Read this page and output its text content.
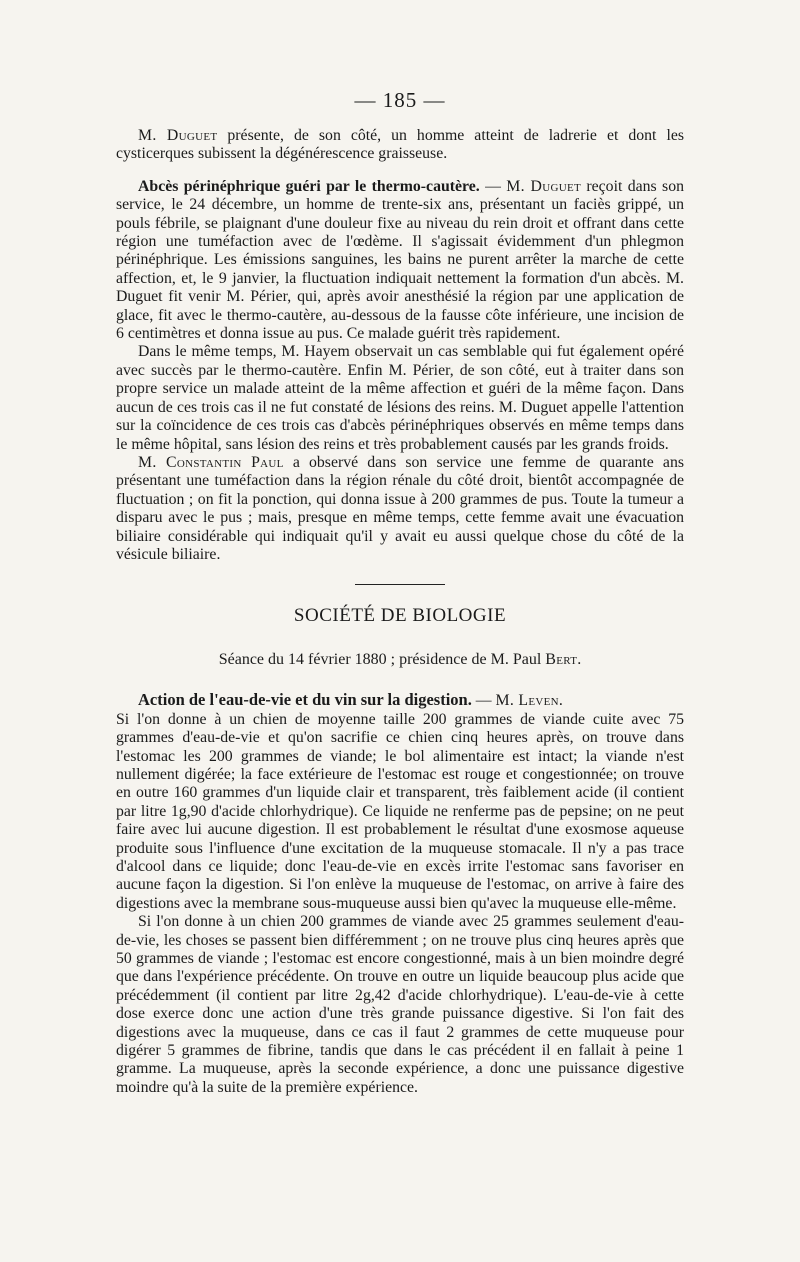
— 185 —

M. Duguet présente, de son côté, un homme atteint de ladrerie et dont les cysticerques subissent la dégénérescence graisseuse.

Abcès périnéphrique guéri par le thermo-cautère. — M. Duguet reçoit dans son service, le 24 décembre, un homme de trente-six ans, présentant un faciès grippé, un pouls fébrile, se plaignant d'une douleur fixe au niveau du rein droit et offrant dans cette région une tuméfaction avec de l'œdème. Il s'agissait évidemment d'un phlegmon périnéphrique. Les émissions sanguines, les bains ne purent arrêter la marche de cette affection, et, le 9 janvier, la fluctuation indiquait nettement la formation d'un abcès. M. Duguet fit venir M. Périer, qui, après avoir anesthésié la région par une application de glace, fit avec le thermo-cautère, au-dessous de la fausse côte inférieure, une incision de 6 centimètres et donna issue au pus. Ce malade guérit très rapidement.

Dans le même temps, M. Hayem observait un cas semblable qui fut également opéré avec succès par le thermo-cautère. Enfin M. Périer, de son côté, eut à traiter dans son propre service un malade atteint de la même affection et guéri de la même façon. Dans aucun de ces trois cas il ne fut constaté de lésions des reins. M. Duguet appelle l'attention sur la coïncidence de ces trois cas d'abcès périnéphriques observés en même temps dans le même hôpital, sans lésion des reins et très probablement causés par les grands froids.

M. Constantin Paul a observé dans son service une femme de quarante ans présentant une tuméfaction dans la région rénale du côté droit, bientôt accompagnée de fluctuation ; on fit la ponction, qui donna issue à 200 grammes de pus. Toute la tumeur a disparu avec le pus ; mais, presque en même temps, cette femme avait une évacuation biliaire considérable qui indiquait qu'il y avait eu aussi quelque chose du côté de la vésicule biliaire.

SOCIÉTÉ DE BIOLOGIE
Séance du 14 février 1880 ; présidence de M. Paul Bert.

Action de l'eau-de-vie et du vin sur la digestion. — M. Leven.

Si l'on donne à un chien de moyenne taille 200 grammes de viande cuite avec 75 grammes d'eau-de-vie et qu'on sacrifie ce chien cinq heures après, on trouve dans l'estomac les 200 grammes de viande; le bol alimentaire est intact; la viande n'est nullement digérée; la face extérieure de l'estomac est rouge et congestionnée; on trouve en outre 160 grammes d'un liquide clair et transparent, très faiblement acide (il contient par litre 1g,90 d'acide chlorhydrique). Ce liquide ne renferme pas de pepsine; on ne peut faire avec lui aucune digestion. Il est probablement le résultat d'une exosmose aqueuse produite sous l'influence d'une excitation de la muqueuse stomacale. Il n'y a pas trace d'alcool dans ce liquide; donc l'eau-de-vie en excès irrite l'estomac sans favoriser en aucune façon la digestion. Si l'on enlève la muqueuse de l'estomac, on arrive à faire des digestions avec la membrane sous-muqueuse aussi bien qu'avec la muqueuse elle-même.

Si l'on donne à un chien 200 grammes de viande avec 25 grammes seulement d'eau-de-vie, les choses se passent bien différemment ; on ne trouve plus cinq heures après que 50 grammes de viande ; l'estomac est encore congestionné, mais à un bien moindre degré que dans l'expérience précédente. On trouve en outre un liquide beaucoup plus acide que précédemment (il contient par litre 2g,42 d'acide chlorhydrique). L'eau-de-vie à cette dose exerce donc une action d'une très grande puissance digestive. Si l'on fait des digestions avec la muqueuse, dans ce cas il faut 2 grammes de cette muqueuse pour digérer 5 grammes de fibrine, tandis que dans le cas précédent il en fallait à peine 1 gramme. La muqueuse, après la seconde expérience, a donc une puissance digestive moindre qu'à la suite de la première expérience.
